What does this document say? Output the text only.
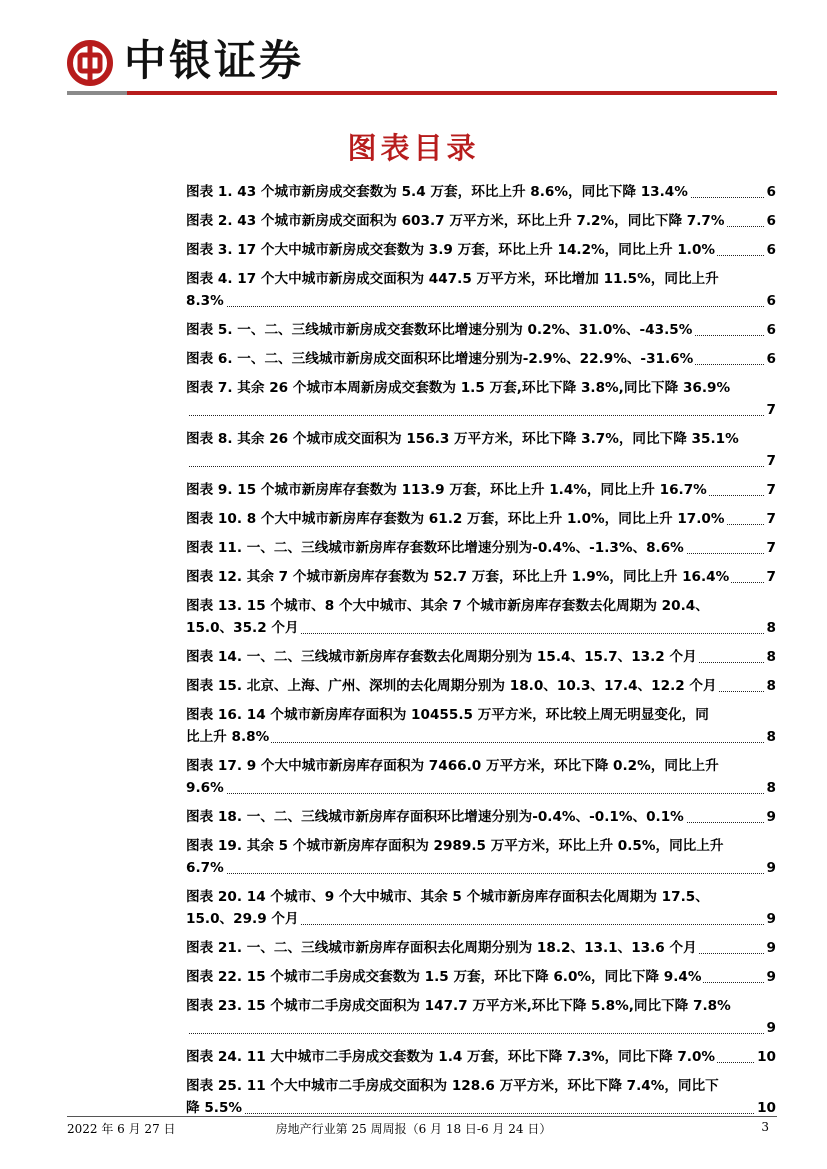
中银证券
图表目录
图表 1. 43 个城市新房成交套数为 5.4 万套，环比上升 8.6%，同比下降 13.4%	6
图表 2. 43 个城市新房成交面积为 603.7 万平方米，环比上升 7.2%，同比下降 7.7%	6
图表 3. 17 个大中城市新房成交套数为 3.9 万套，环比上升 14.2%，同比上升 1.0%	6
图表 4. 17 个大中城市新房成交面积为 447.5 万平方米，环比增加 11.5%，同比上升
8.3%	6
图表 5. 一、二、三线城市新房成交套数环比增速分别为 0.2%、31.0%、-43.5%	6
图表 6. 一、二、三线城市新房成交面积环比增速分别为-2.9%、22.9%、-31.6%	6
图表 7. 其余 26 个城市本周新房成交套数为 1.5 万套,环比下降 3.8%,同比下降 36.9%
7
图表 8. 其余 26 个城市成交面积为 156.3 万平方米，环比下降 3.7%，同比下降 35.1%
7
图表 9. 15 个城市新房库存套数为 113.9 万套，环比上升 1.4%，同比上升 16.7%	7
图表 10. 8 个大中城市新房库存套数为 61.2 万套，环比上升 1.0%，同比上升 17.0%	7
图表 11. 一、二、三线城市新房库存套数环比增速分别为-0.4%、-1.3%、8.6%	7
图表 12. 其余 7 个城市新房库存套数为 52.7 万套，环比上升 1.9%，同比上升 16.4%	7
图表 13. 15 个城市、8 个大中城市、其余 7 个城市新房库存套数去化周期为 20.4、
15.0、35.2 个月	8
图表 14. 一、二、三线城市新房库存套数去化周期分别为 15.4、15.7、13.2 个月	8
图表 15. 北京、上海、广州、深圳的去化周期分别为 18.0、10.3、17.4、12.2 个月	8
图表 16. 14 个城市新房库存面积为 10455.5 万平方米，环比较上周无明显变化，同
比上升 8.8%	8
图表 17. 9 个大中城市新房库存面积为 7466.0 万平方米，环比下降 0.2%，同比上升
9.6%	8
图表 18. 一、二、三线城市新房库存面积环比增速分别为-0.4%、-0.1%、0.1%	9
图表 19. 其余 5 个城市新房库存面积为 2989.5 万平方米，环比上升 0.5%，同比上升
6.7%	9
图表 20. 14 个城市、9 个大中城市、其余 5 个城市新房库存面积去化周期为 17.5、
15.0、29.9 个月	9
图表 21. 一、二、三线城市新房库存面积去化周期分别为 18.2、13.1、13.6 个月	9
图表 22. 15 个城市二手房成交套数为 1.5 万套，环比下降 6.0%，同比下降 9.4%	9
图表 23. 15 个城市二手房成交面积为 147.7 万平方米,环比下降 5.8%,同比下降 7.8%
9
图表 24. 11 大中城市二手房成交套数为 1.4 万套，环比下降 7.3%，同比下降 7.0%	10
图表 25. 11 个大中城市二手房成交面积为 128.6 万平方米，环比下降 7.4%，同比下
降 5.5%	10
2022 年 6 月 27 日	房地产行业第 25 周周报（6 月 18 日-6 月 24 日）	3
